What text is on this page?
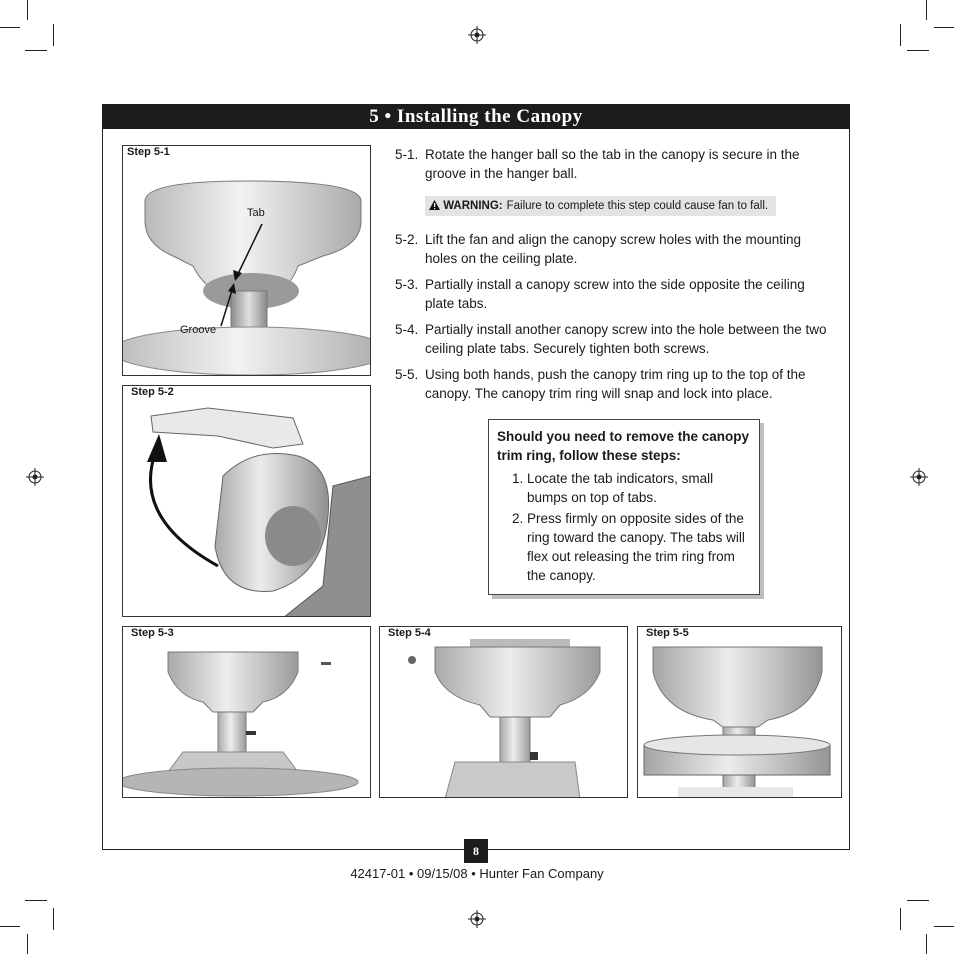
5 • Installing the Canopy
Step 5-1
Tab
Groove
Step 5-2
Step 5-3	Step 5-4	Step 5-5
5-1. Rotate the hanger ball so the tab in the canopy is secure in the groove in the hanger ball.
WARNING: Failure to complete this step could cause fan to fall.
5-2. Lift the fan and align the canopy screw holes with the mounting holes on the ceiling plate.
5-3. Partially install a canopy screw into the side opposite the ceiling plate tabs.
5-4. Partially install another canopy screw into the hole between the two ceiling plate tabs. Securely tighten both screws.
5-5. Using both hands, push the canopy trim ring up to the top of the canopy. The canopy trim ring will snap and lock into place.
Should you need to remove the canopy trim ring, follow these steps:
1. Locate the tab indicators, small bumps on top of tabs.
2. Press firmly on opposite sides of the ring toward the canopy. The tabs will flex out releasing the trim ring from the canopy.
8
42417-01 • 09/15/08 • Hunter Fan Company
